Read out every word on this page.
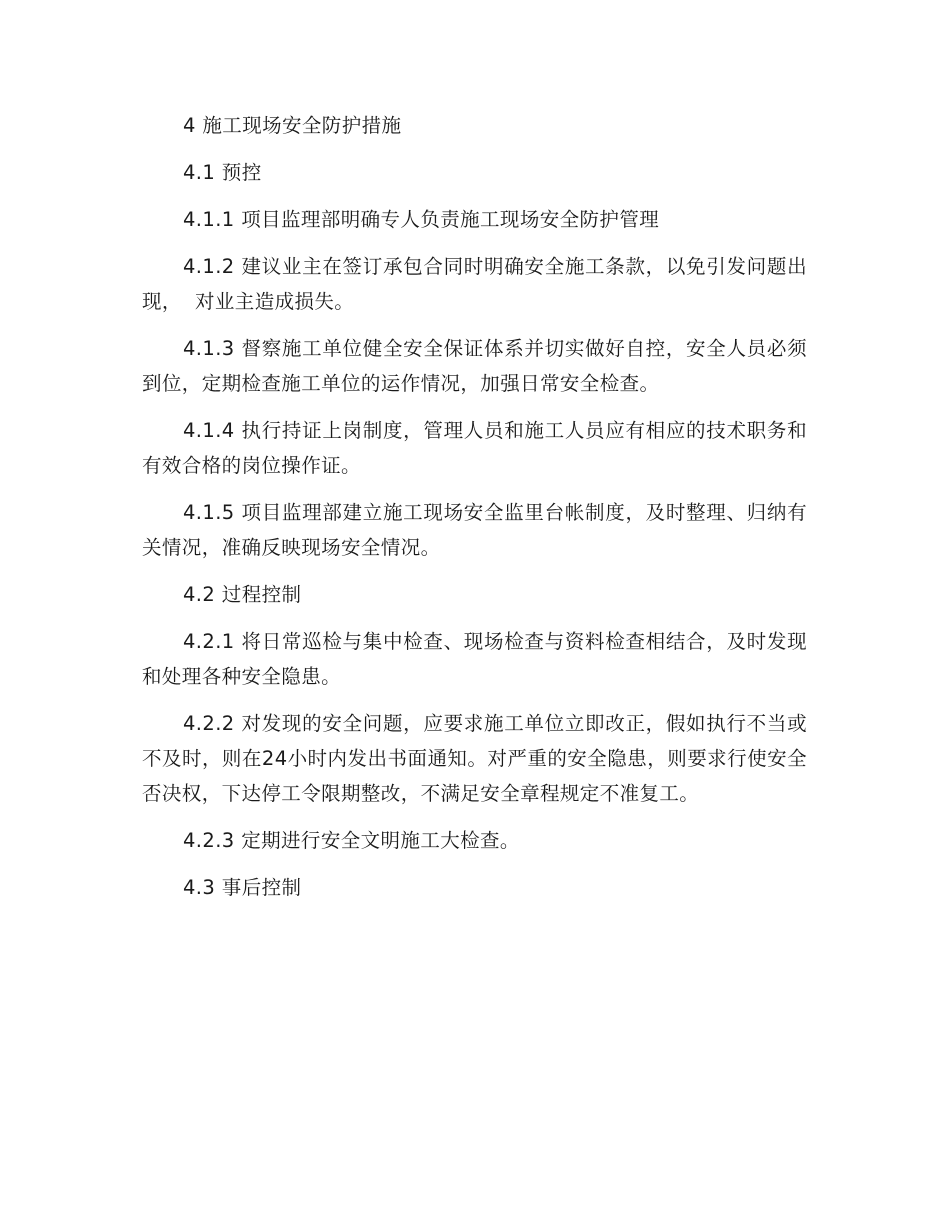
4 施工现场安全防护措施

4.1 预控

4.1.1 项目监理部明确专人负责施工现场安全防护管理

4.1.2 建议业主在签订承包合同时明确安全施工条款，以免引发问题出现，  对业主造成损失。

4.1.3 督察施工单位健全安全保证体系并切实做好自控，安全人员必须到位，定期检查施工单位的运作情况，加强日常安全检查。

4.1.4 执行持证上岗制度，管理人员和施工人员应有相应的技术职务和有效合格的岗位操作证。

4.1.5 项目监理部建立施工现场安全监里台帐制度，及时整理、归纳有关情况，准确反映现场安全情况。

4.2 过程控制

4.2.1 将日常巡检与集中检查、现场检查与资料检查相结合，及时发现和处理各种安全隐患。

4.2.2 对发现的安全问题，应要求施工单位立即改正，假如执行不当或不及时，则在24小时内发出书面通知。对严重的安全隐患，则要求行使安全否决权，下达停工令限期整改，不满足安全章程规定不准复工。

4.2.3 定期进行安全文明施工大检查。

4.3 事后控制
